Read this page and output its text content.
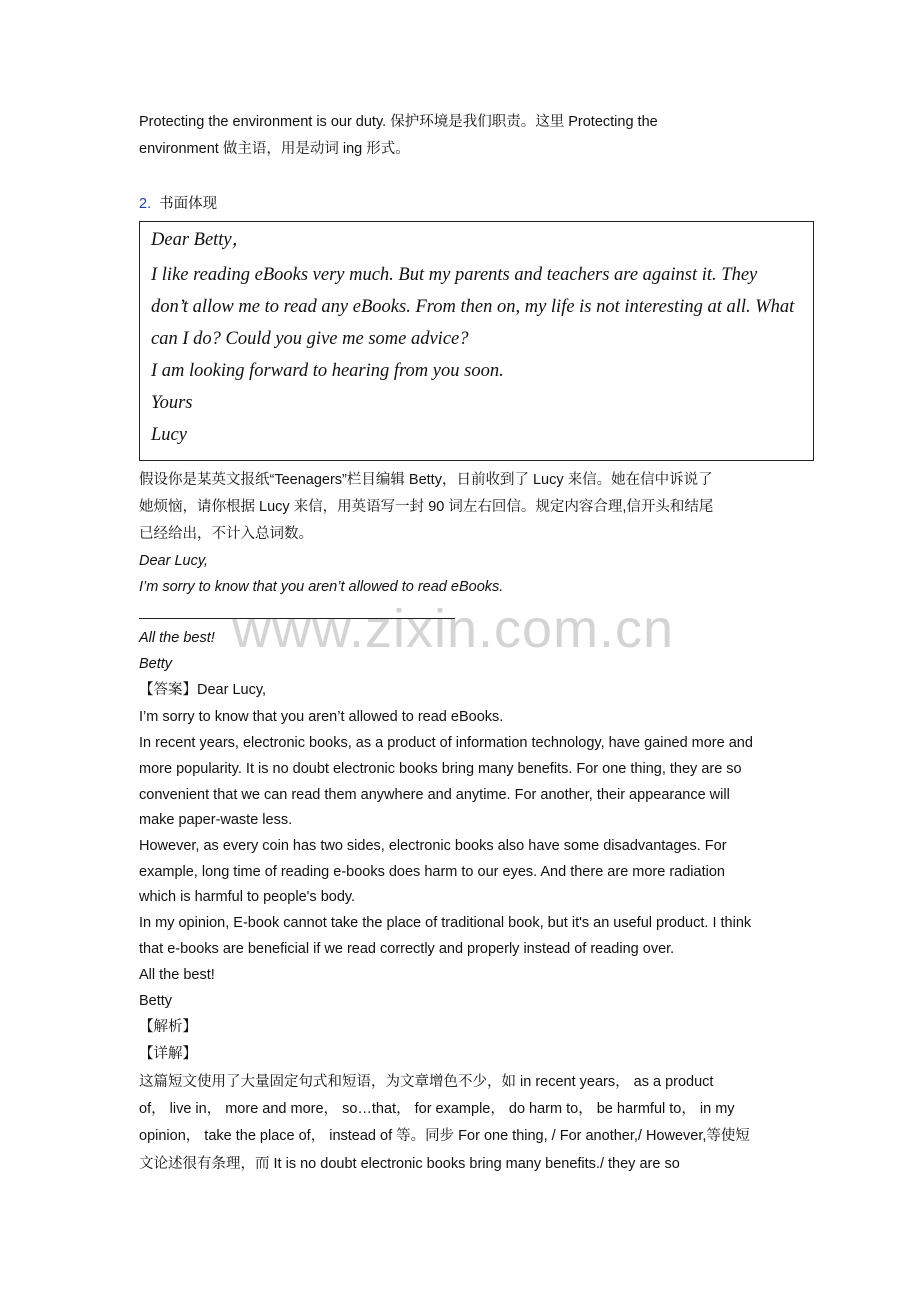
Protecting the environment is our duty. 保护环境是我们职责。这里 Protecting the
environment 做主语，用是动词 ing 形式。
2. 书面体现
Dear Betty，
I like reading eBooks very much. But my parents and teachers are against it. They
don’t allow me to read any eBooks. From then on, my life is not interesting at all. What
can I do? Could you give me some advice?
I am looking forward to hearing from you soon.
Yours
Lucy
假设你是某英文报纸“Teenagers”栏目编辑 Betty，日前收到了 Lucy 来信。她在信中诉说了
她烦恼，请你根据 Lucy 来信，用英语写一封 90 词左右回信。规定内容合理,信开头和结尾
已经给出，不计入总词数。
Dear Lucy,
I’m sorry to know that you aren’t allowed to read eBooks.
www.zixin.com.cn
All the best!
Betty
【答案】Dear Lucy,
I’m sorry to know that you aren’t allowed to read eBooks.
In recent years, electronic books, as a product of information technology, have gained more and
more popularity. It is no doubt electronic books bring many benefits. For one thing, they are so
convenient that we can read them anywhere and anytime. For another, their appearance will
make paper-waste less.
However, as every coin has two sides, electronic books also have some disadvantages. For
example, long time of reading e-books does harm to our eyes. And there are more radiation
which is harmful to people's body.
In my opinion, E-book cannot take the place of traditional book, but it's an useful product. I think
that e-books are beneficial if we read correctly and properly instead of reading over.
All the best!
Betty
【解析】
【详解】
这篇短文使用了大量固定句式和短语，为文章增色不少，如 in recent years， as a product
of， live in， more and more， so…that， for example， do harm to， be harmful to， in my
opinion， take the place of， instead of 等。同步 For one thing, / For another,/ However,等使短
文论述很有条理，而 It is no doubt electronic books bring many benefits./ they are so
